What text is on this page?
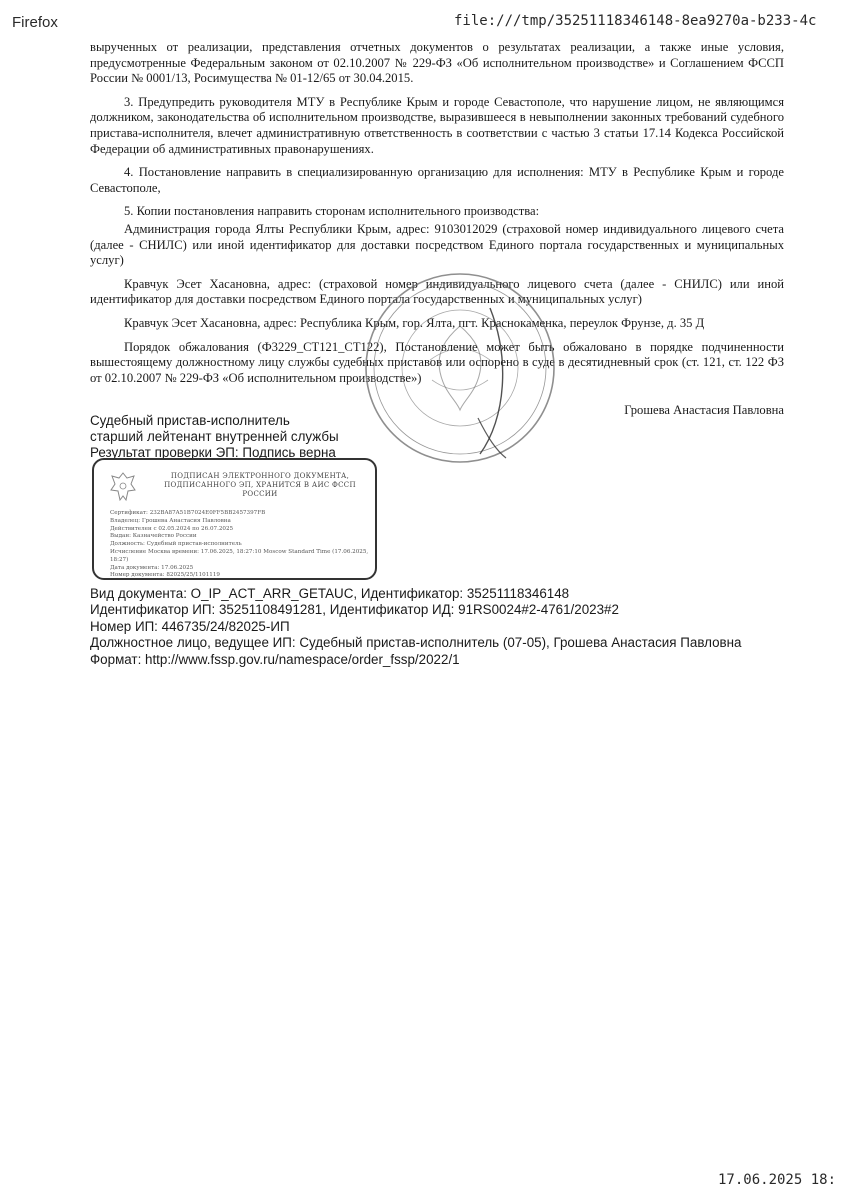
Firefox	file:///tmp/35251118346148-8ea9270a-b233-4c

вырученных от реализации, представления отчетных документов о результатах реализации, а также иные условия, предусмотренные Федеральным законом от 02.10.2007 № 229-ФЗ «Об исполнительном производстве» и Соглашением ФССП России № 0001/13, Росимущества № 01-12/65 от 30.04.2015.

3. Предупредить руководителя МТУ в Республике Крым и городе Севастополе, что нарушение лицом, не являющимся должником, законодательства об исполнительном производстве, выразившееся в невыполнении законных требований судебного пристава-исполнителя, влечет административную ответственность в соответствии с частью 3 статьи 17.14 Кодекса Российской Федерации об административных правонарушениях.

4. Постановление направить в специализированную организацию для исполнения: МТУ в Республике Крым и городе Севастополе,

5. Копии постановления направить сторонам исполнительного производства:

Администрация города Ялты Республики Крым, адрес: 9103012029 (страховой номер индивидуального лицевого счета (далее - СНИЛС) или иной идентификатор для доставки посредством Единого портала государственных и муниципальных услуг)

Кравчук Эсет Хасановна, адрес: (страховой номер индивидуального лицевого счета (далее - СНИЛС) или иной идентификатор для доставки посредством Единого портала государственных и муниципальных услуг)

Кравчук Эсет Хасановна, адрес: Республика Крым, гор. Ялта, пгт. Краснокаменка, переулок Фрунзе, д. 35 Д

Порядок обжалования (Ф3229_СТ121_СТ122), Постановление может быть обжаловано в порядке подчиненности вышестоящему должностному лицу службы судебных приставов или оспорено в суде в десятидневный срок (ст. 121, ст. 122 ФЗ от 02.10.2007 № 229-ФЗ «Об исполнительном производстве»)

Грошева Анастасия Павловна
Судебный пристав-исполнитель
старший лейтенант внутренней службы
Результат проверки ЭП: Подпись верна
ПОДПИСАН ЭЛЕКТРОННОГО ДОКУМЕНТА,
ПОДПИСАННОГО ЭП, ХРАНИТСЯ В АИС ФССП РОССИИ
Сертификат: 232BA87A51B7024E0FF5BB2457397FB
Владелец: Грошева Анастасия Павловна
Действителен с 02.05.2024 по 26.07.2025
Выдан: Казначейство России
Должность: Судебный пристав-исполнитель
Исчисление Москва времени: 17.06.2025, 18:27:10 Moscow Standard Time (17.06.2025, 18:27)
Дата документа: 17.06.2025
Номер документа: 82025/25/1101119
Вид документа: O_IP_ACT_ARR_GETAUC, Идентификатор: 35251118346148
Идентификатор ИП: 35251108491281, Идентификатор ИД: 91RS0024#2-4761/2023#2
Номер ИП: 446735/24/82025-ИП
Должностное лицо, ведущее ИП: Судебный пристав-исполнитель (07-05), Грошева Анастасия Павловна
Формат: http://www.fssp.gov.ru/namespace/order_fssp/2022/1
17.06.2025 18:
